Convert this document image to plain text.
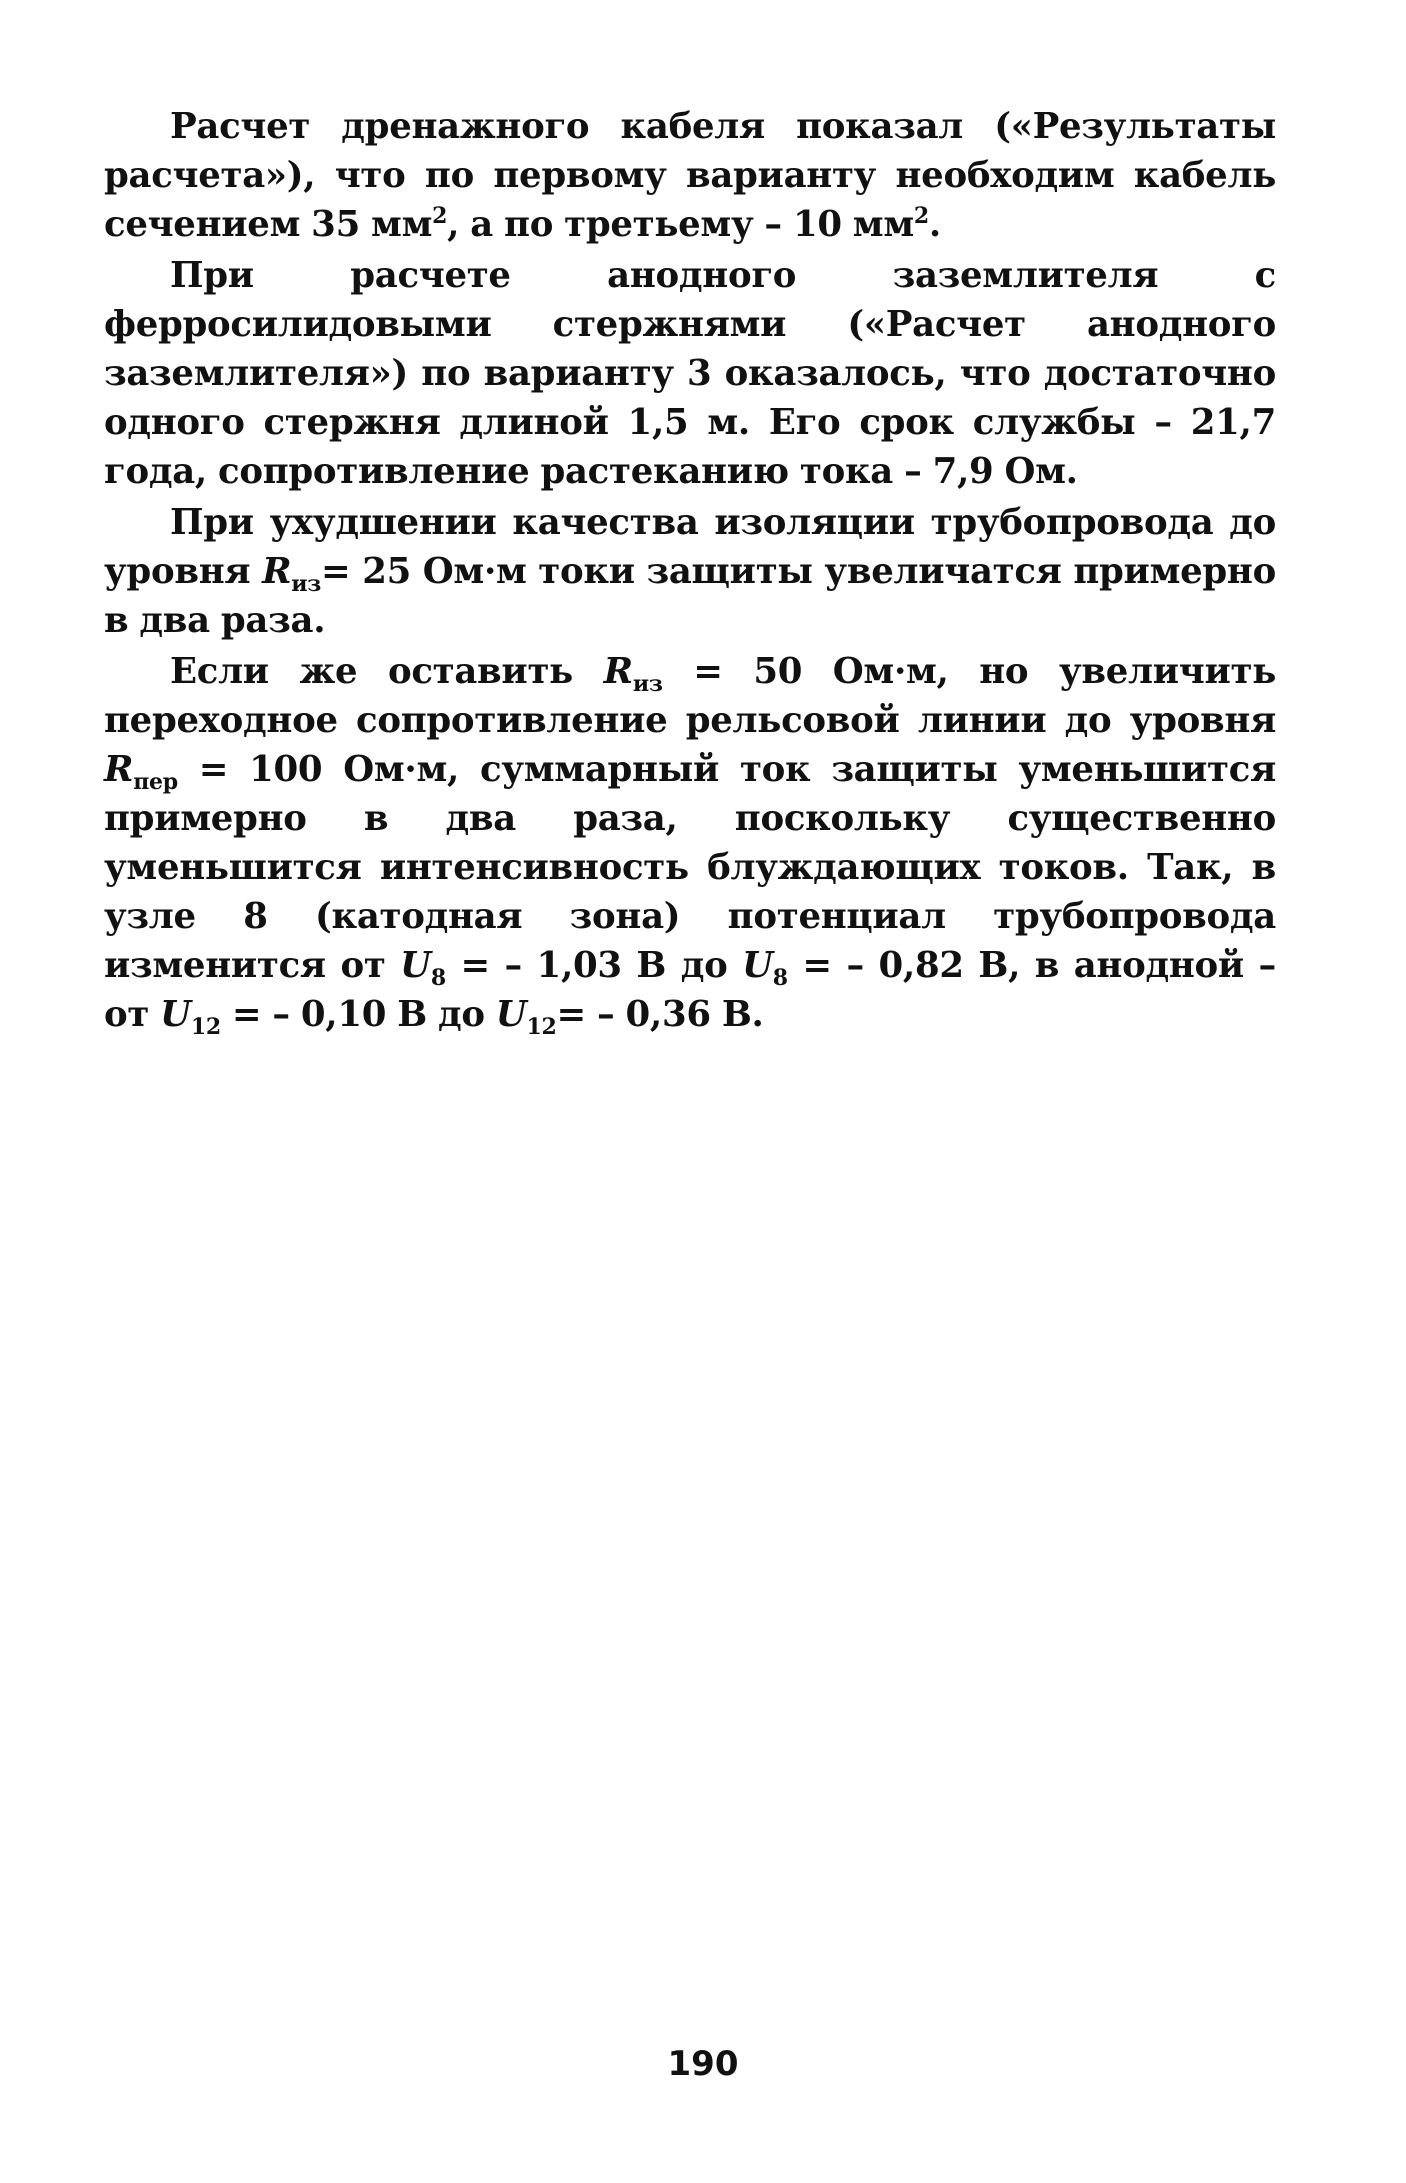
Расчет дренажного кабеля показал («Результаты расчета»), что по первому варианту необходим кабель сечением 35 $мм^2$, а по третьему – 10 $мм^2$.

При расчете анодного заземлителя с ферросилидовыми стержнями («Расчет анодного заземлителя») по варианту 3 оказалось, что достаточно одного стержня длиной 1,5 м. Его срок службы – 21,7 года, сопротивление растеканию тока – 7,9 Ом.

При ухудшении качества изоляции трубопровода до уровня $R_{из}= 25$ Ом·м токи защиты увеличатся примерно в два раза.

Если же оставить $R_{из} = 50$ Ом·м, но увеличить переходное сопротивление рельсовой линии до уровня $R_{пер} = 100$ Ом·м, суммарный ток защиты уменьшится примерно в два раза, поскольку существенно уменьшится интенсивность блуждающих токов. Так, в узле 8 (катодная зона) потенциал трубопровода изменится от $U_8$ = – 1,03 В до $U_8$ = – 0,82 В, в анодной – от $U_{12}$ = – 0,10 В до $U_{12}= - 0,36$ В.

190
